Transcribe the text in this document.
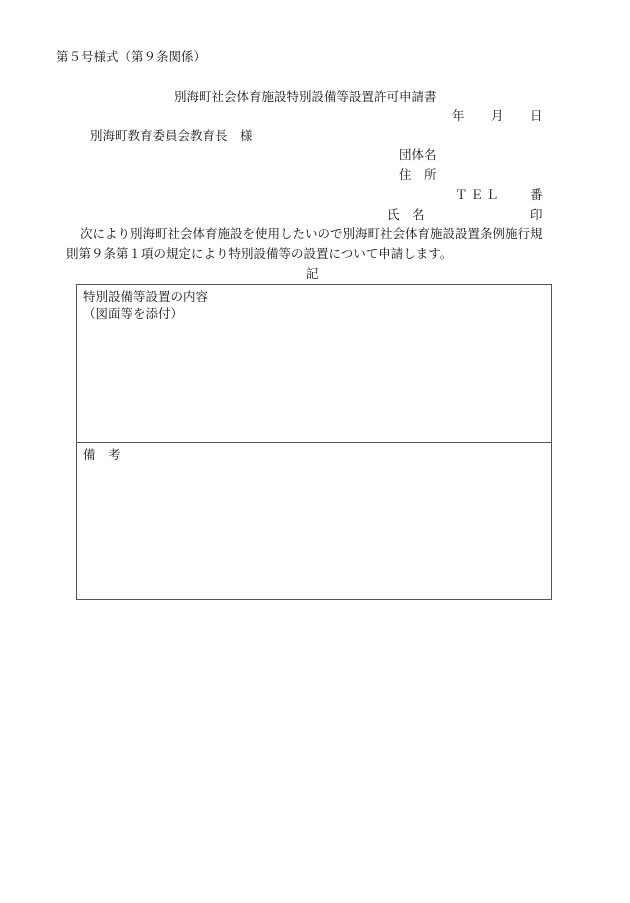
第５号様式（第９条関係）
別海町社会体育施設特別設備等設置許可申請書
年 月 日
別海町教育委員会教育長　様
団体名
住　所
ＴＥＬ 番
氏　名	印
次により別海町社会体育施設を使用したいので別海町社会体育施設設置条例施行規
則第９条第１項の規定により特別設備等の設置について申請します。
記
特別設備等設置の内容
（図面等を添付）
備　考
